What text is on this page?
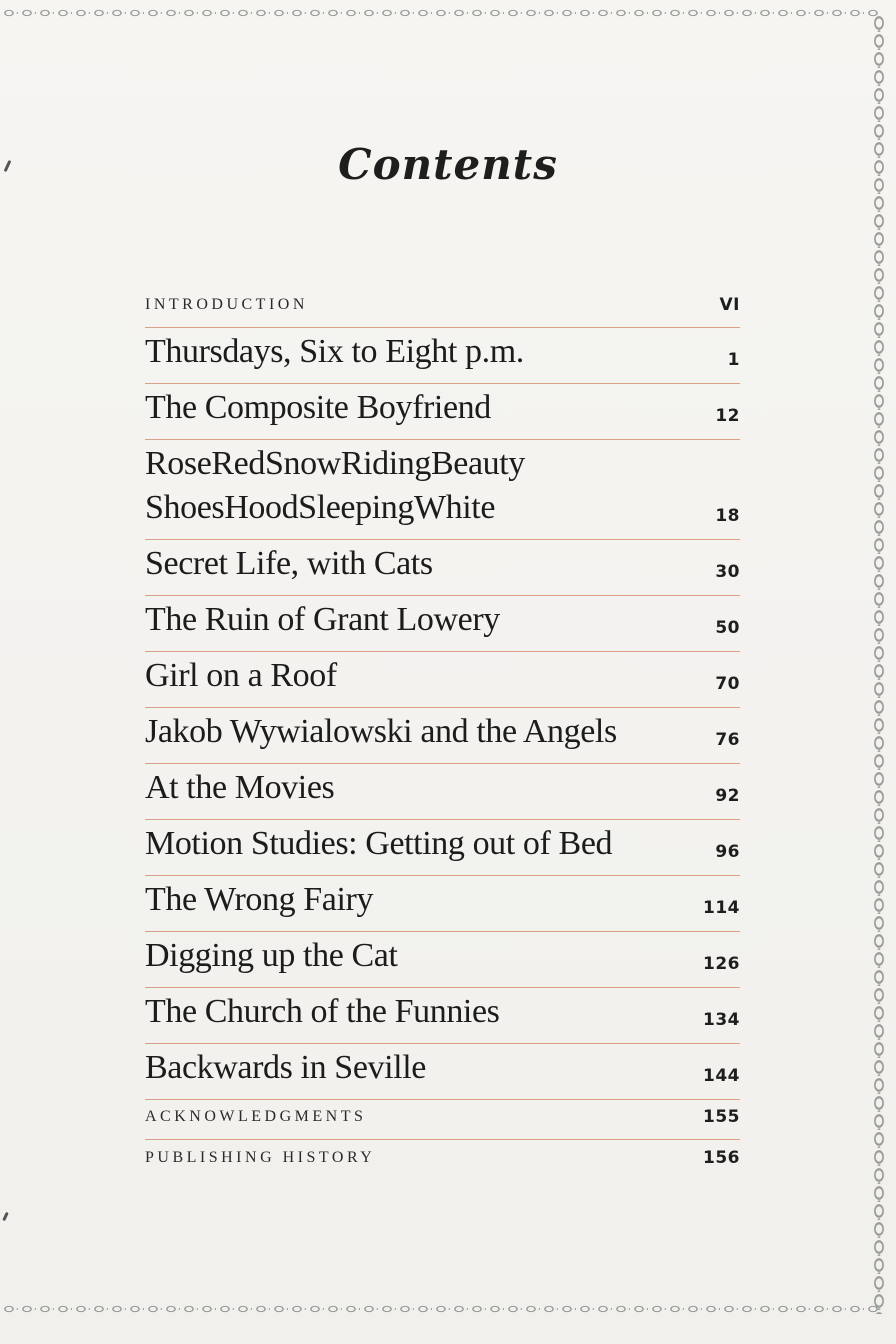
Contents
INTRODUCTION	VI
Thursdays, Six to Eight p.m.	1
The Composite Boyfriend	12
RoseRedSnowRidingBeauty ShoesHoodSleepingWhite	18
Secret Life, with Cats	30
The Ruin of Grant Lowery	50
Girl on a Roof	70
Jakob Wywialowski and the Angels	76
At the Movies	92
Motion Studies: Getting out of Bed	96
The Wrong Fairy	114
Digging up the Cat	126
The Church of the Funnies	134
Backwards in Seville	144
ACKNOWLEDGMENTS	155
PUBLISHING HISTORY	156
